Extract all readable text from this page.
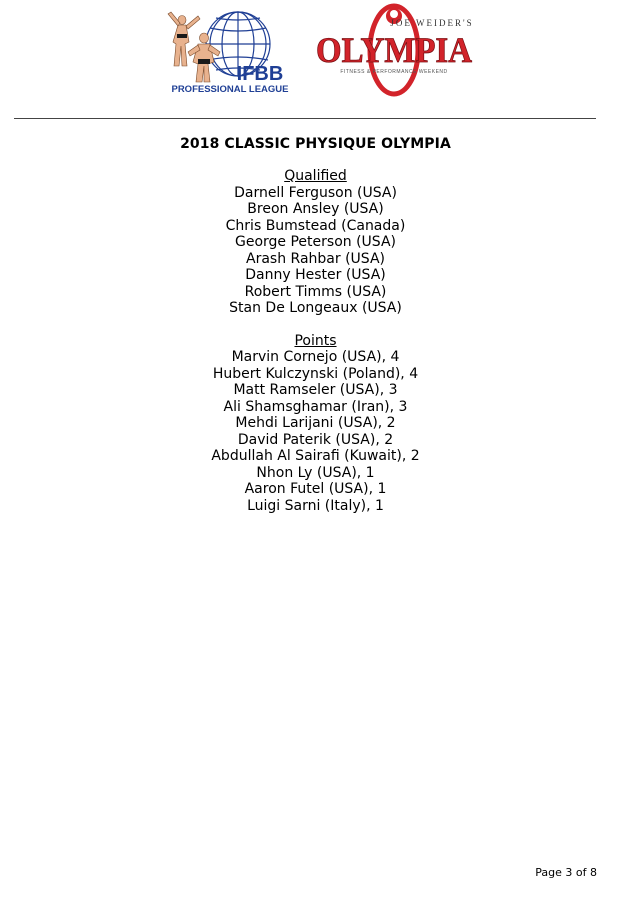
IFBB
PROFESSIONAL LEAGUE
JOE WEIDER'S
OLYMPIA
FITNESS & PERFORMANCE WEEKEND
2018 CLASSIC PHYSIQUE OLYMPIA
Qualified
Darnell Ferguson (USA)
Breon Ansley (USA)
Chris Bumstead (Canada)
George Peterson (USA)
Arash Rahbar (USA)
Danny Hester (USA)
Robert Timms (USA)
Stan De Longeaux (USA)
Points
Marvin Cornejo (USA), 4
Hubert Kulczynski (Poland), 4
Matt Ramseler (USA), 3
Ali Shamsghamar (Iran), 3
Mehdi Larijani (USA), 2
David Paterik (USA), 2
Abdullah Al Sairafi (Kuwait), 2
Nhon Ly (USA), 1
Aaron Futel (USA), 1
Luigi Sarni (Italy), 1
Page 3 of 8
